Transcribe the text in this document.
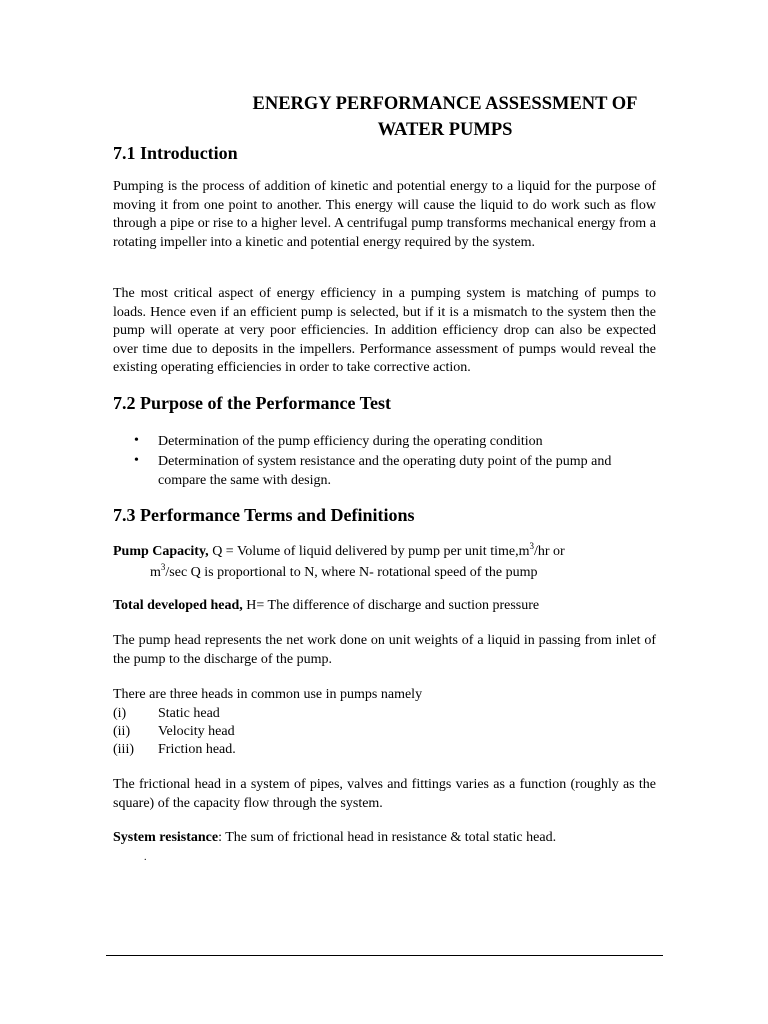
ENERGY PERFORMANCE ASSESSMENT OF
WATER PUMPS
7.1 Introduction
Pumping is the process of addition of kinetic and potential energy to a liquid for the purpose of moving it from one point to another. This energy will cause the liquid to do work such as flow through a pipe or rise to a higher level. A centrifugal pump transforms mechanical energy from a rotating impeller into a kinetic and potential energy required by the system.
The most critical aspect of energy efficiency in a pumping system is matching of pumps to loads. Hence even if an efficient pump is selected, but if it is a mismatch to the system then the pump will operate at very poor efficiencies. In addition efficiency drop can also be expected over time due to deposits in the impellers. Performance assessment of pumps would reveal the existing operating efficiencies in order to take corrective action.
7.2 Purpose of the Performance Test
• Determination of the pump efficiency during the operating condition
• Determination of system resistance and the operating duty point of the pump and compare the same with design.
7.3 Performance Terms and Definitions
Pump Capacity, Q = Volume of liquid delivered by pump per unit $time,m^3/hr$ or
$m^3/\sec$ Q is proportional to N, where N- rotational speed of the pump
Total developed head, H= The difference of discharge and suction pressure
The pump head represents the net work done on unit weights of a liquid in passing from inlet of the pump to the discharge of the pump.
There are three heads in common use in pumps namely
(i) Static head
(ii) Velocity head
(iii) Friction head.
The frictional head in a system of pipes, valves and fittings varies as a function (roughly as the square) of the capacity flow through the system.
System resistance: The sum of frictional head in resistance & total static head.
.
